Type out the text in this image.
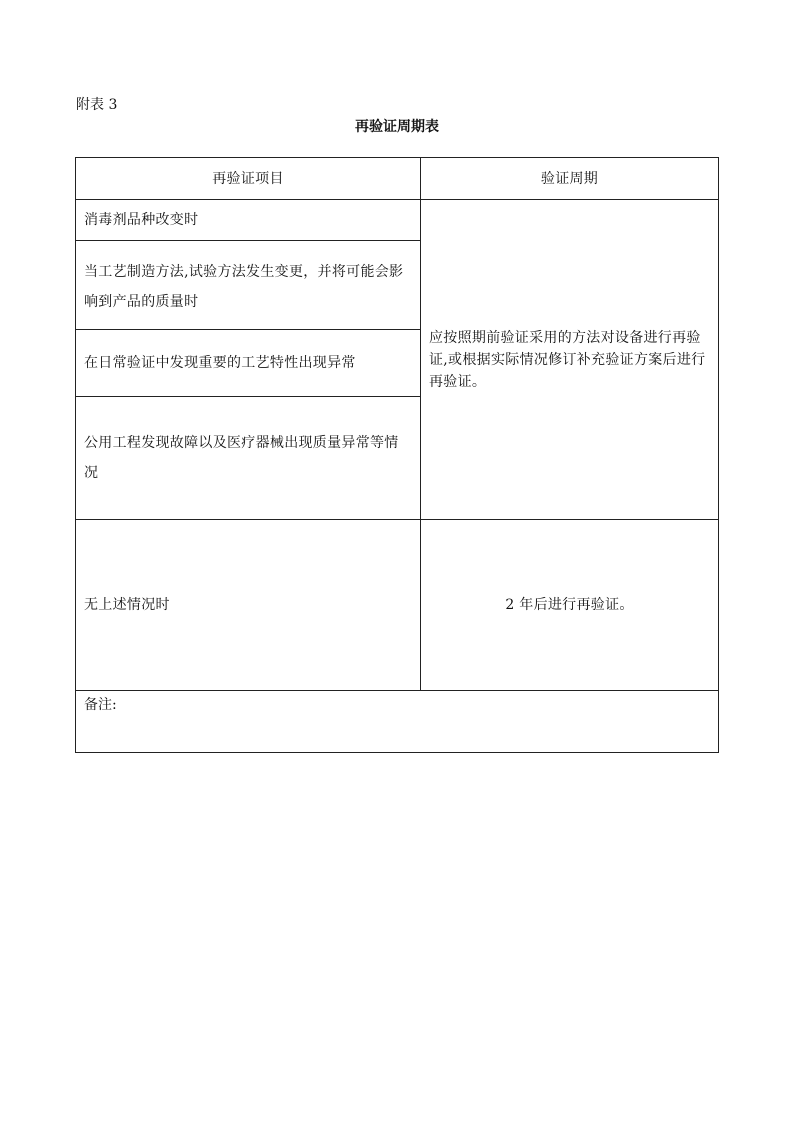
附表 3
再验证周期表
再验证项目	验证周期
消毒剂品种改变时
当工艺制造方法,试验方法发生变更，并将可能会影响到产品的质量时
在日常验证中发现重要的工艺特性出现异常
公用工程发现故障以及医疗器械出现质量异常等情况
无上述情况时
应按照期前验证采用的方法对设备进行再验证,或根据实际情况修订补充验证方案后进行再验证。
2 年后进行再验证。
备注:
